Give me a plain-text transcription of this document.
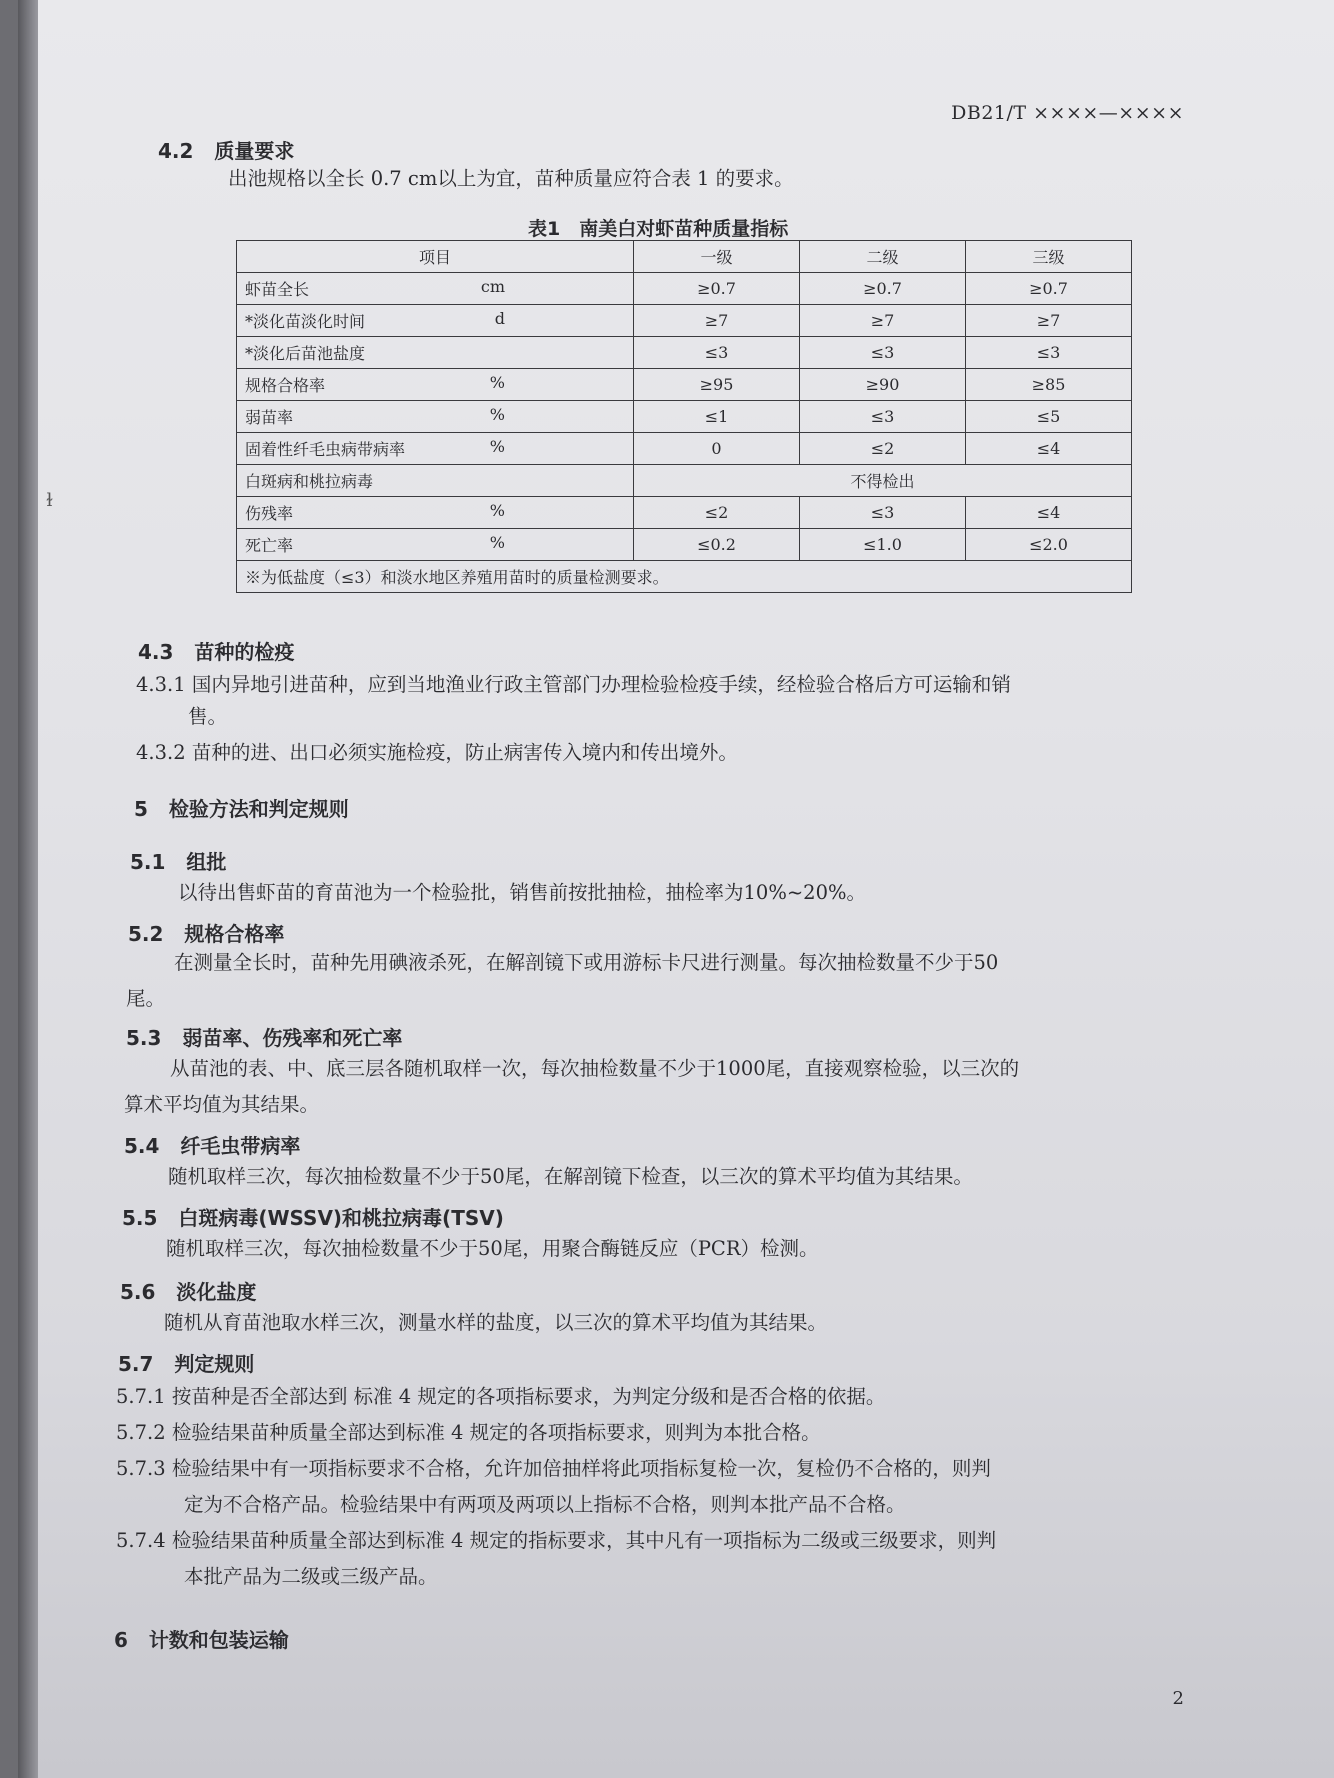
DB21/T ××××—××××
4.2 质量要求
出池规格以全长 0.7 cm以上为宜，苗种质量应符合表 1 的要求。
表1　南美白对虾苗种质量指标
项目	一级	二级	三级
虾苗全长 cm	≥0.7	≥0.7	≥0.7
*淡化苗淡化时间 d	≥7	≥7	≥7
*淡化后苗池盐度	≤3	≤3	≤3
规格合格率 %	≥95	≥90	≥85
弱苗率 %	≤1	≤3	≤5
固着性纤毛虫病带病率 %	0	≤2	≤4
白斑病和桃拉病毒	不得检出		
伤残率 %	≤2	≤3	≤4
死亡率 %	≤0.2	≤1.0	≤2.0
※为低盐度（≤3）和淡水地区养殖用苗时的质量检测要求。			
4.3 苗种的检疫
4.3.1 国内异地引进苗种，应到当地渔业行政主管部门办理检验检疫手续，经检验合格后方可运输和销
售。
4.3.2 苗种的进、出口必须实施检疫，防止病害传入境内和传出境外。
5 检验方法和判定规则
5.1 组批
以待出售虾苗的育苗池为一个检验批，销售前按批抽检，抽检率为10%~20%。
5.2 规格合格率
在测量全长时，苗种先用碘液杀死，在解剖镜下或用游标卡尺进行测量。每次抽检数量不少于50
尾。
5.3 弱苗率、伤残率和死亡率
从苗池的表、中、底三层各随机取样一次，每次抽检数量不少于1000尾，直接观察检验，以三次的
算术平均值为其结果。
5.4 纤毛虫带病率
随机取样三次，每次抽检数量不少于50尾，在解剖镜下检查，以三次的算术平均值为其结果。
5.5 白斑病毒(WSSV)和桃拉病毒(TSV)
随机取样三次，每次抽检数量不少于50尾，用聚合酶链反应（PCR）检测。
5.6 淡化盐度
随机从育苗池取水样三次，测量水样的盐度，以三次的算术平均值为其结果。
5.7 判定规则
5.7.1 按苗种是否全部达到 标准 4 规定的各项指标要求，为判定分级和是否合格的依据。
5.7.2 检验结果苗种质量全部达到标准 4 规定的各项指标要求，则判为本批合格。
5.7.3 检验结果中有一项指标要求不合格，允许加倍抽样将此项指标复检一次，复检仍不合格的，则判
定为不合格产品。检验结果中有两项及两项以上指标不合格，则判本批产品不合格。
5.7.4 检验结果苗种质量全部达到标准 4 规定的指标要求，其中凡有一项指标为二级或三级要求，则判
本批产品为二级或三级产品。
6 计数和包装运输
2
ɫ
